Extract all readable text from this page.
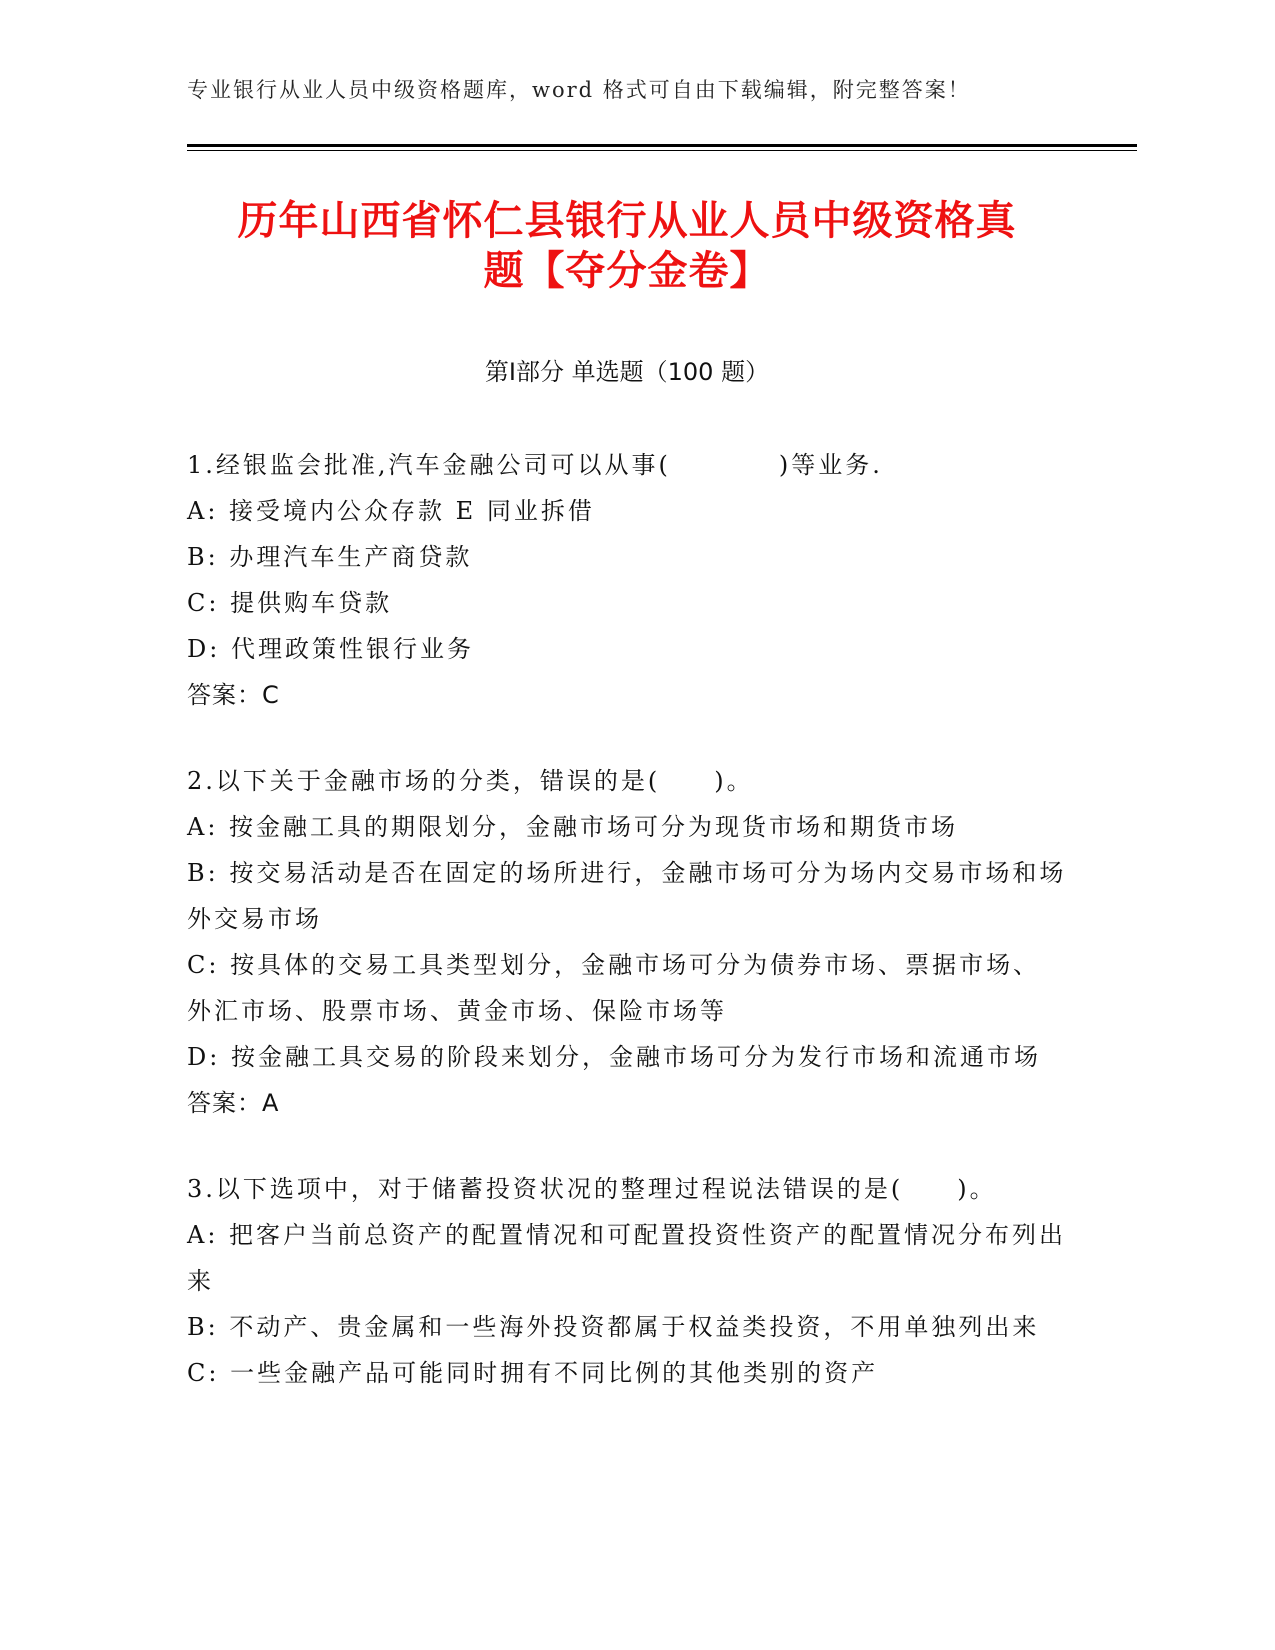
专业银行从业人员中级资格题库，word 格式可自由下载编辑，附完整答案！
历年山西省怀仁县银行从业人员中级资格真
题【夺分金卷】
第Ⅰ部分 单选题（100 题）
1.经银监会批准,汽车金融公司可以从事(　　　　)等业务.
A: 接受境内公众存款 E 同业拆借
B: 办理汽车生产商贷款
C: 提供购车贷款
D: 代理政策性银行业务
答案：C
2.以下关于金融市场的分类，错误的是(　　)。
A: 按金融工具的期限划分，金融市场可分为现货市场和期货市场
B: 按交易活动是否在固定的场所进行，金融市场可分为场内交易市场和场外交易市场
C: 按具体的交易工具类型划分，金融市场可分为债券市场、票据市场、外汇市场、股票市场、黄金市场、保险市场等
D: 按金融工具交易的阶段来划分，金融市场可分为发行市场和流通市场
答案：A
3.以下选项中，对于储蓄投资状况的整理过程说法错误的是(　　)。
A: 把客户当前总资产的配置情况和可配置投资性资产的配置情况分布列出来
B: 不动产、贵金属和一些海外投资都属于权益类投资，不用单独列出来
C: 一些金融产品可能同时拥有不同比例的其他类别的资产
